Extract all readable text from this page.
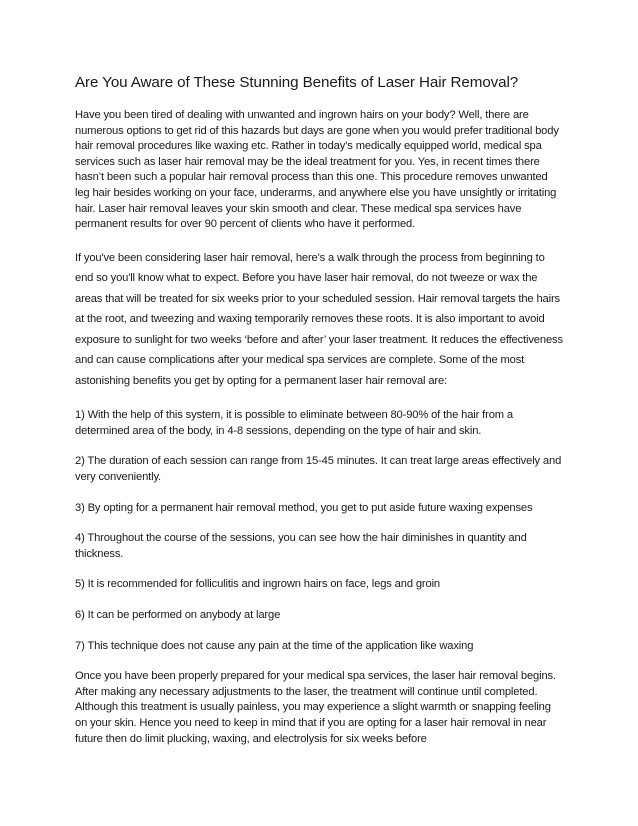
Are You Aware of These Stunning Benefits of Laser Hair Removal?

Have you been tired of dealing with unwanted and ingrown hairs on your body? Well, there are numerous options to get rid of this hazards but days are gone when you would prefer traditional body hair removal procedures like waxing etc. Rather in today’s medically equipped world, medical spa services such as laser hair removal may be the ideal treatment for you. Yes, in recent times there hasn’t been such a popular hair removal process than this one. This procedure removes unwanted leg hair besides working on your face, underarms, and anywhere else you have unsightly or irritating hair. Laser hair removal leaves your skin smooth and clear. These medical spa services have permanent results for over 90 percent of clients who have it performed.

If you've been considering laser hair removal, here's a walk through the process from beginning to end so you'll know what to expect. Before you have laser hair removal, do not tweeze or wax the areas that will be treated for six weeks prior to your scheduled session. Hair removal targets the hairs at the root, and tweezing and waxing temporarily removes these roots. It is also important to avoid exposure to sunlight for two weeks ‘before and after’ your laser treatment. It reduces the effectiveness and can cause complications after your medical spa services are complete. Some of the most astonishing benefits you get by opting for a permanent laser hair removal are:

1) With the help of this system, it is possible to eliminate between 80-90% of the hair from a determined area of the body, in 4-8 sessions, depending on the type of hair and skin.

2) The duration of each session can range from 15-45 minutes. It can treat large areas effectively and very conveniently.

3) By opting for a permanent hair removal method, you get to put aside future waxing expenses

4) Throughout the course of the sessions, you can see how the hair diminishes in quantity and thickness.

5) It is recommended for folliculitis and ingrown hairs on face, legs and groin

6) It can be performed on anybody at large

7) This technique does not cause any pain at the time of the application like waxing

Once you have been properly prepared for your medical spa services, the laser hair removal begins. After making any necessary adjustments to the laser, the treatment will continue until completed. Although this treatment is usually painless, you may experience a slight warmth or snapping feeling on your skin. Hence you need to keep in mind that if you are opting for a laser hair removal in near future then do limit plucking, waxing, and electrolysis for six weeks before
